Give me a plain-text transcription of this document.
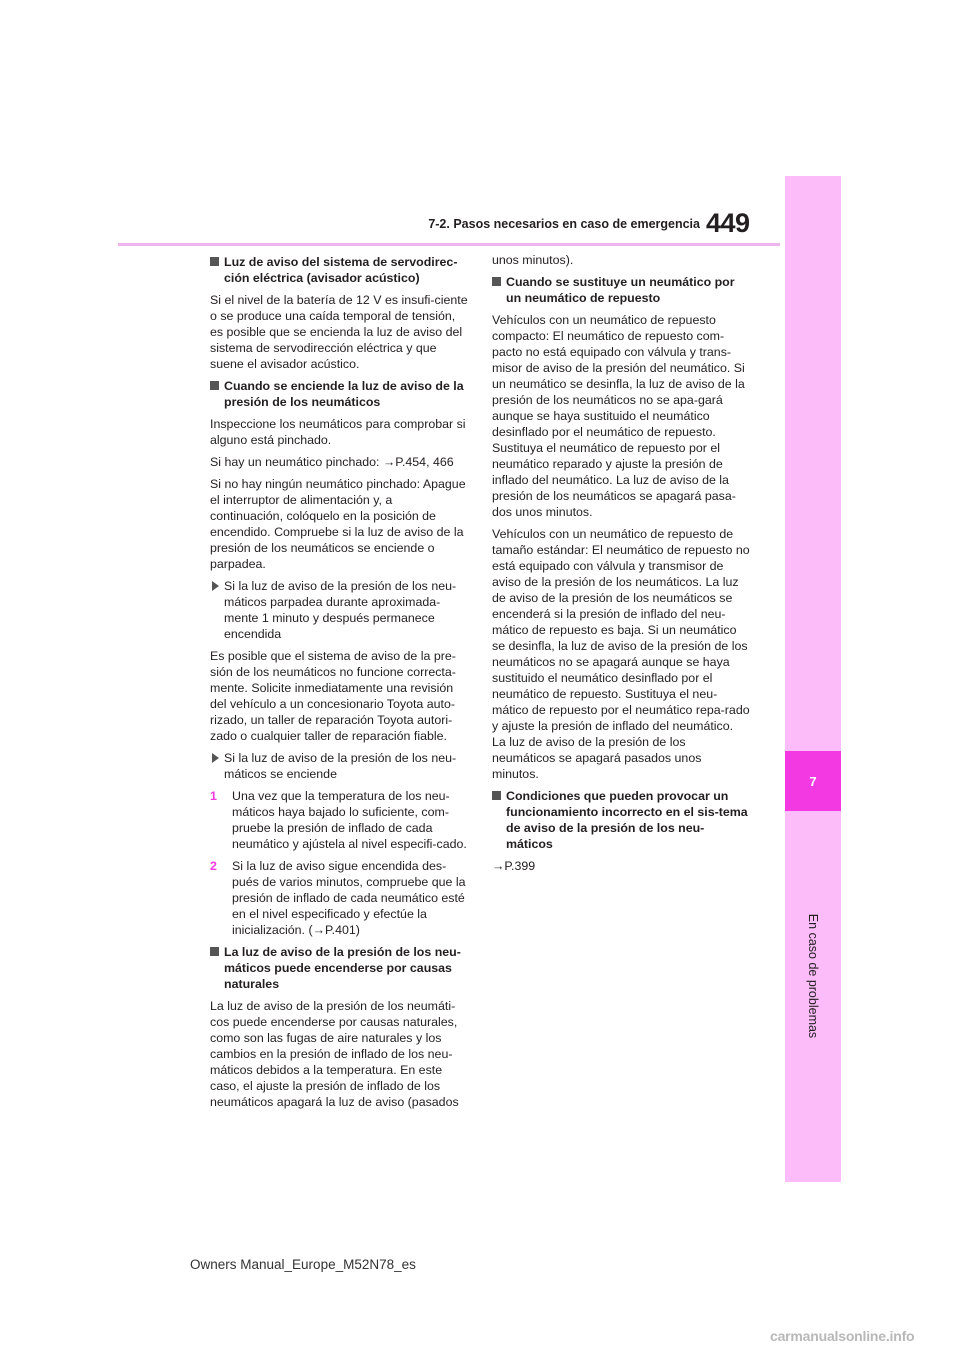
7-2. Pasos necesarios en caso de emergencia 449
7
En caso de problemas
Luz de aviso del sistema de servodirec-ción eléctrica (avisador acústico)
Si el nivel de la batería de 12 V es insufi-ciente o se produce una caída temporal de tensión, es posible que se encienda la luz de aviso del sistema de servodirección eléctrica y que suene el avisador acústico.
Cuando se enciende la luz de aviso de la presión de los neumáticos
Inspeccione los neumáticos para comprobar si alguno está pinchado.
Si hay un neumático pinchado: →P.454, 466
Si no hay ningún neumático pinchado: Apague el interruptor de alimentación y, a continuación, colóquelo en la posición de encendido. Compruebe si la luz de aviso de la presión de los neumáticos se enciende o parpadea.
Si la luz de aviso de la presión de los neu-máticos parpadea durante aproximada-mente 1 minuto y después permanece encendida
Es posible que el sistema de aviso de la pre-sión de los neumáticos no funcione correcta-mente. Solicite inmediatamente una revisión del vehículo a un concesionario Toyota auto-rizado, un taller de reparación Toyota autori-zado o cualquier taller de reparación fiable.
Si la luz de aviso de la presión de los neu-máticos se enciende
1 Una vez que la temperatura de los neu-máticos haya bajado lo suficiente, com-pruebe la presión de inflado de cada neumático y ajústela al nivel especifi-cado.
2 Si la luz de aviso sigue encendida des-pués de varios minutos, compruebe que la presión de inflado de cada neumático esté en el nivel especificado y efectúe la inicialización. (→P.401)
La luz de aviso de la presión de los neu-máticos puede encenderse por causas naturales
La luz de aviso de la presión de los neumáti-cos puede encenderse por causas naturales, como son las fugas de aire naturales y los cambios en la presión de inflado de los neu-máticos debidos a la temperatura. En este caso, el ajuste la presión de inflado de los neumáticos apagará la luz de aviso (pasados
unos minutos).
Cuando se sustituye un neumático por un neumático de repuesto
Vehículos con un neumático de repuesto compacto: El neumático de repuesto com-pacto no está equipado con válvula y trans-misor de aviso de la presión del neumático. Si un neumático se desinfla, la luz de aviso de la presión de los neumáticos no se apa-gará aunque se haya sustituido el neumático desinflado por el neumático de repuesto. Sustituya el neumático de repuesto por el neumático reparado y ajuste la presión de inflado del neumático. La luz de aviso de la presión de los neumáticos se apagará pasa-dos unos minutos.
Vehículos con un neumático de repuesto de tamaño estándar: El neumático de repuesto no está equipado con válvula y transmisor de aviso de la presión de los neumáticos. La luz de aviso de la presión de los neumáticos se encenderá si la presión de inflado del neu-mático de repuesto es baja. Si un neumático se desinfla, la luz de aviso de la presión de los neumáticos no se apagará aunque se haya sustituido el neumático desinflado por el neumático de repuesto. Sustituya el neu-mático de repuesto por el neumático repa-rado y ajuste la presión de inflado del neumático. La luz de aviso de la presión de los neumáticos se apagará pasados unos minutos.
Condiciones que pueden provocar un funcionamiento incorrecto en el sis-tema de aviso de la presión de los neu-máticos
→P.399
Owners Manual_Europe_M52N78_es
carmanualsonline.info
